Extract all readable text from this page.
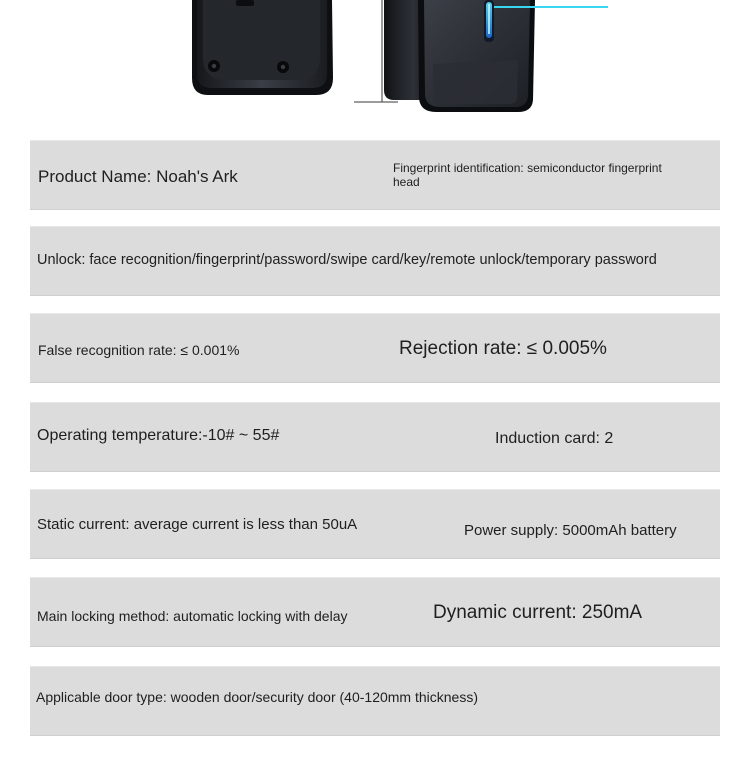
Product Name: Noah's Ark	Fingerprint identification: semiconductor fingerprint
head
Unlock: face recognition/fingerprint/password/swipe card/key/remote unlock/temporary password
False recognition rate: ≤ 0.001%	Rejection rate: ≤ 0.005%
Operating temperature:-10# ~ 55#	Induction card: 2
Static current: average current is less than 50uA	Power supply: 5000mAh battery
Main locking method: automatic locking with delay	Dynamic current: 250mA
Applicable door type: wooden door/security door (40-120mm thickness)
